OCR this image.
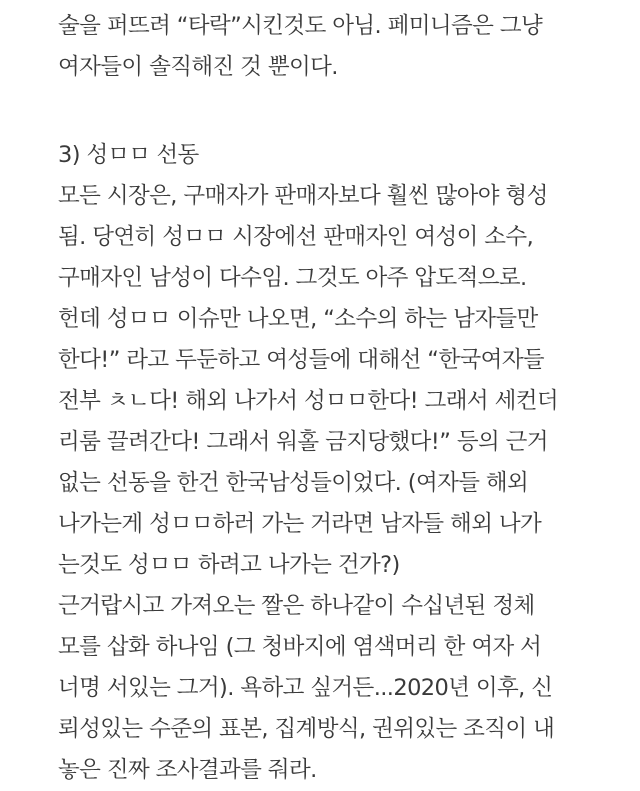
술을 퍼뜨려 “타락”시킨것도 아님. 페미니즘은 그냥
여자들이 솔직해진 것 뿐이다.
3) 성ㅁㅁ 선동
모든 시장은, 구매자가 판매자보다 훨씬 많아야 형성
됨. 당연히 성ㅁㅁ 시장에선 판매자인 여성이 소수,
구매자인 남성이 다수임. 그것도 아주 압도적으로.
헌데 성ㅁㅁ 이슈만 나오면, “소수의 하는 남자들만
한다!” 라고 두둔하고 여성들에 대해선 “한국여자들
전부 ㅊㄴ다! 해외 나가서 성ㅁㅁ한다! 그래서 세컨더
리룸 끌려간다! 그래서 워홀 금지당했다!” 등의 근거
없는 선동을 한건 한국남성들이었다. (여자들 해외
나가는게 성ㅁㅁ하러 가는 거라면 남자들 해외 나가
는것도 성ㅁㅁ 하려고 나가는 건가?)
근거랍시고 가져오는 짤은 하나같이 수십년된 정체
모를 삽화 하나임 (그 청바지에 염색머리 한 여자 서
너명 서있는 그거). 욕하고 싶거든...2020년 이후, 신
뢰성있는 수준의 표본, 집계방식, 권위있는 조직이 내
놓은 진짜 조사결과를 줘라.
